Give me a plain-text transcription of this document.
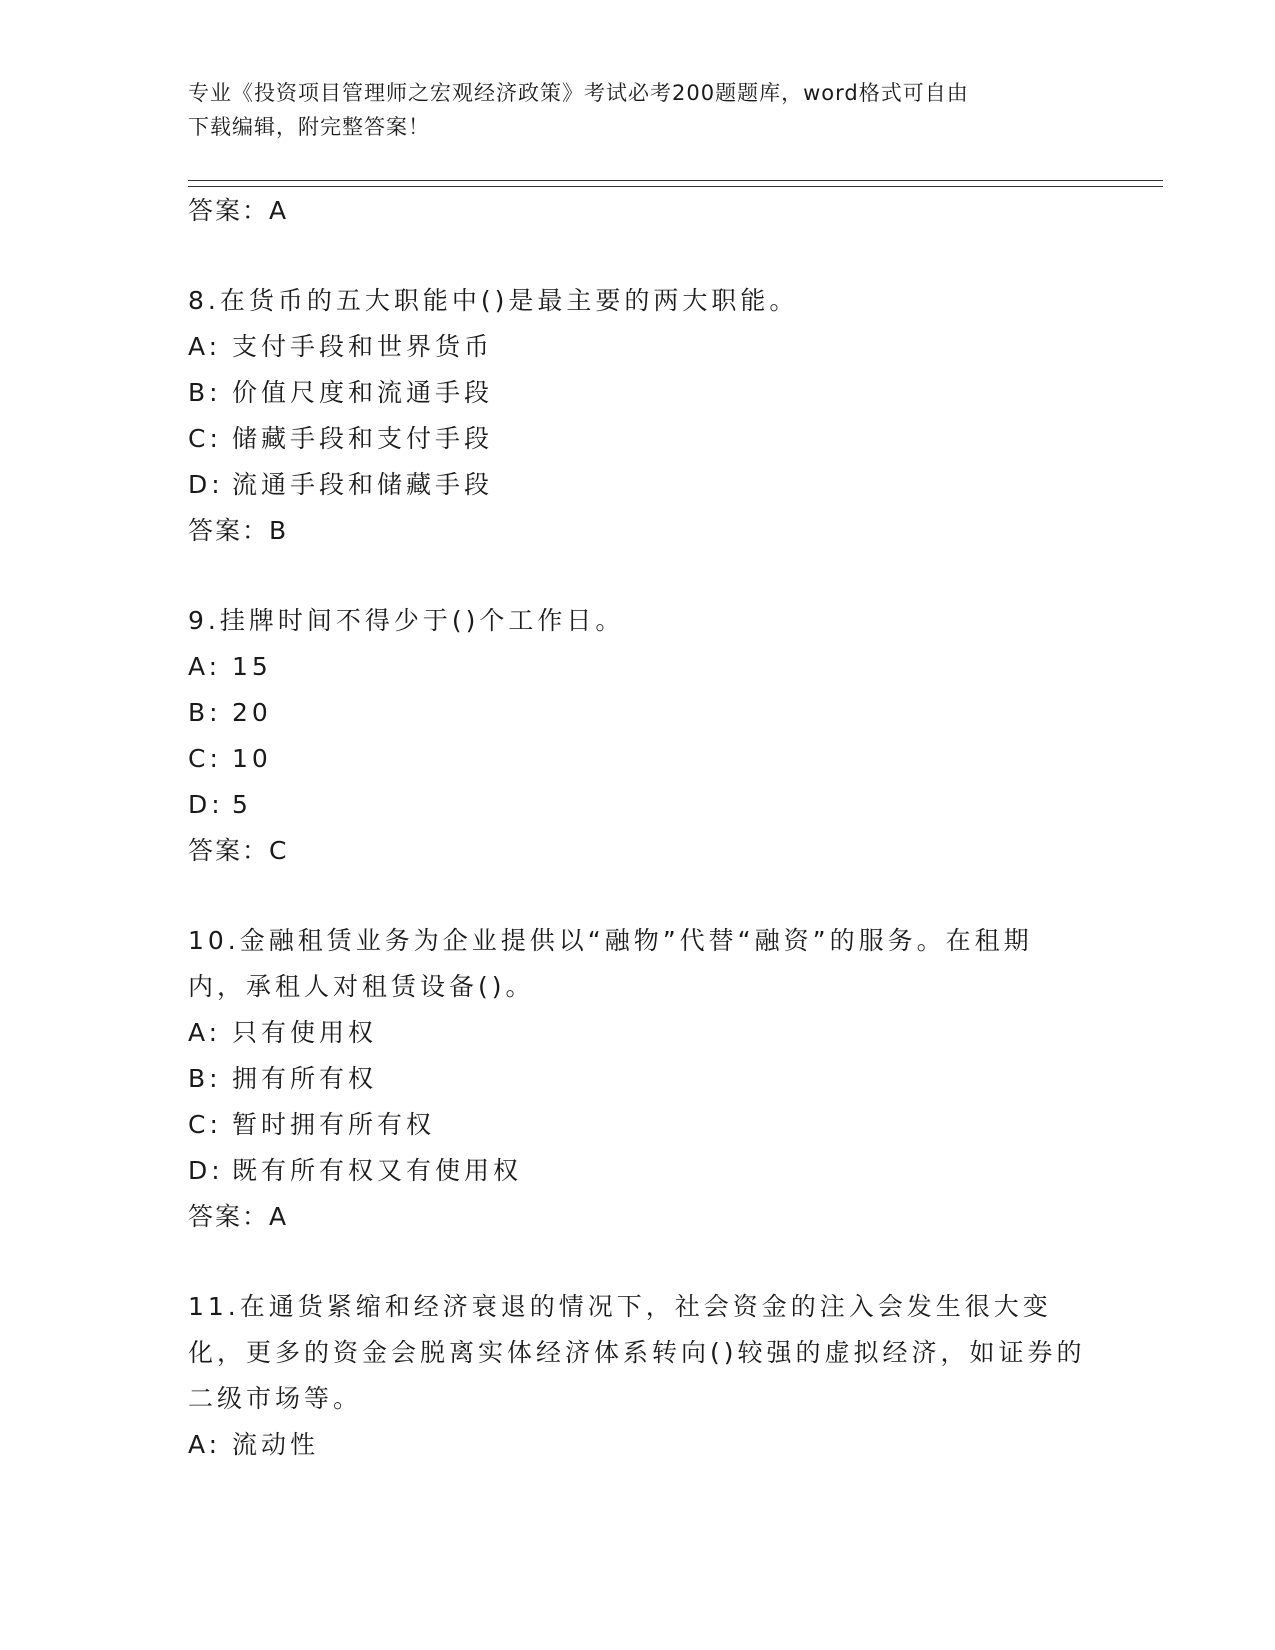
专业《投资项目管理师之宏观经济政策》考试必考200题题库，word格式可自由
下载编辑，附完整答案！
答案：A
8.在货币的五大职能中()是最主要的两大职能。
A: 支付手段和世界货币
B: 价值尺度和流通手段
C: 储藏手段和支付手段
D: 流通手段和储藏手段
答案：B
9.挂牌时间不得少于()个工作日。
A: 15
B: 20
C: 10
D: 5
答案：C
10.金融租赁业务为企业提供以“融物”代替“融资”的服务。在租期内，承租人对租赁设备()。
A: 只有使用权
B: 拥有所有权
C: 暂时拥有所有权
D: 既有所有权又有使用权
答案：A
11.在通货紧缩和经济衰退的情况下，社会资金的注入会发生很大变化，更多的资金会脱离实体经济体系转向()较强的虚拟经济，如证券的二级市场等。
A: 流动性
